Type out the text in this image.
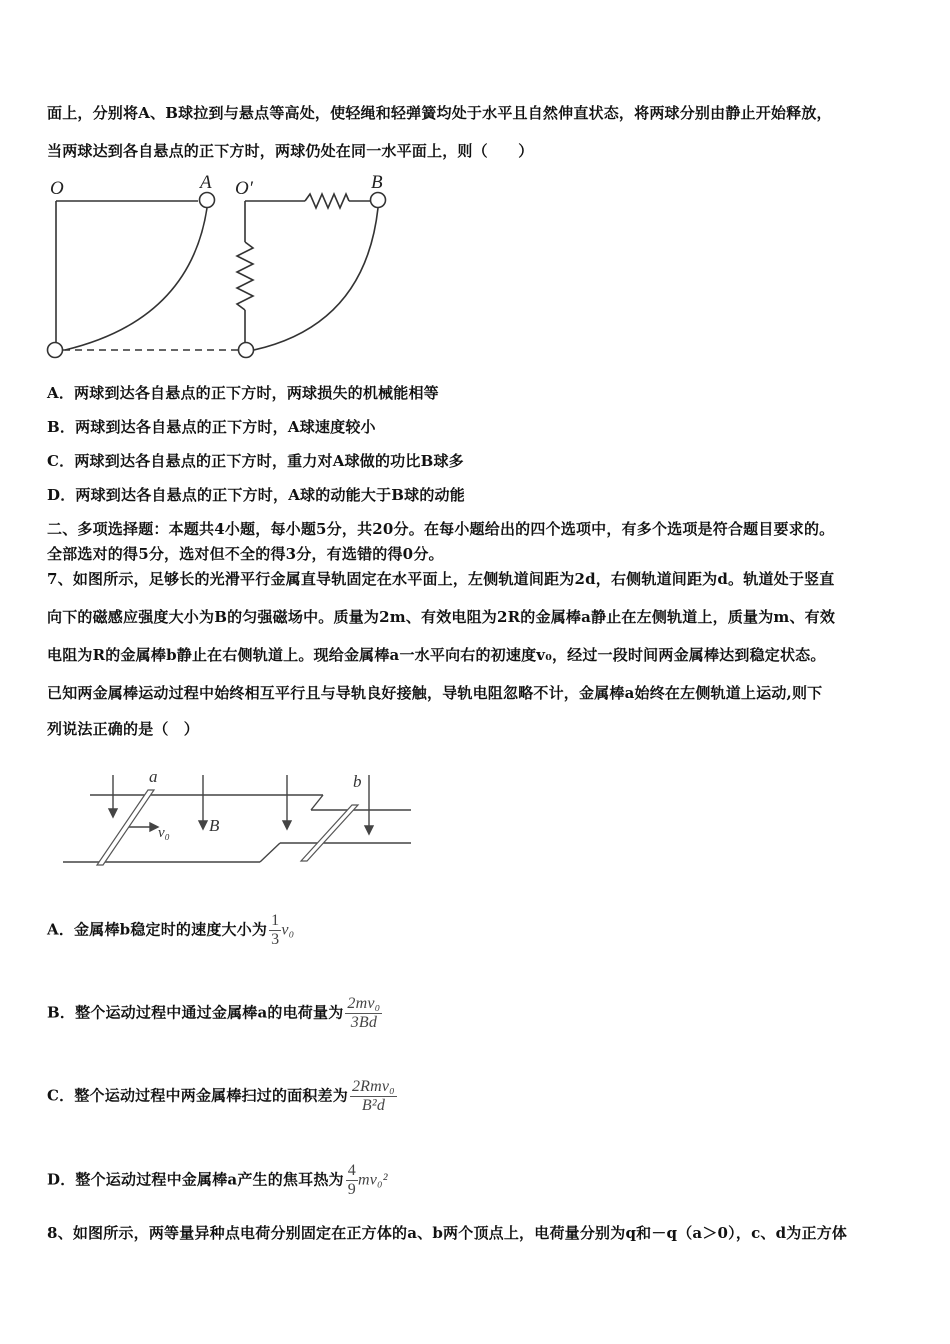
面上，分别将A、B球拉到与悬点等高处，使轻绳和轻弹簧均处于水平且自然伸直状态，将两球分别由静止开始释放，
当两球达到各自悬点的正下方时，两球仍处在同一水平面上，则（　　）
O	A O′	B
A．两球到达各自悬点的正下方时，两球损失的机械能相等
B．两球到达各自悬点的正下方时，A球速度较小
C．两球到达各自悬点的正下方时，重力对A球做的功比B球多
D．两球到达各自悬点的正下方时，A球的动能大于B球的动能
二、多项选择题：本题共4小题，每小题5分，共20分。在每小题给出的四个选项中，有多个选项是符合题目要求的。
全部选对的得5分，选对但不全的得3分，有选错的得0分。
7、如图所示，足够长的光滑平行金属直导轨固定在水平面上，左侧轨道间距为2d，右侧轨道间距为d。轨道处于竖直
向下的磁感应强度大小为B的匀强磁场中。质量为2m、有效电阻为2R的金属棒a静止在左侧轨道上，质量为m、有效
电阻为R的金属棒b静止在右侧轨道上。现给金属棒a一水平向右的初速度v₀，经过一段时间两金属棒达到稳定状态。
已知两金属棒运动过程中始终相互平行且与导轨良好接触，导轨电阻忽略不计，金属棒a始终在左侧轨道上运动,则下
列说法正确的是（　）
a	b
v₀ B
A．金属棒b稳定时的速度大小为 $\frac{1}{3} v_0$
B．整个运动过程中通过金属棒a的电荷量为 $\frac{\text{2mv₀}}{3Bd}$
C．整个运动过程中两金属棒扫过的面积差为 $\frac{\text{2Rmv₀}}{\text{B²d}}$
D．整个运动过程中金属棒a产生的焦耳热为 $\frac{4}{9} mv_0^2$
8、如图所示，两等量异种点电荷分别固定在正方体的a、b两个顶点上，电荷量分别为q和－q（a＞0），c、d为正方体
